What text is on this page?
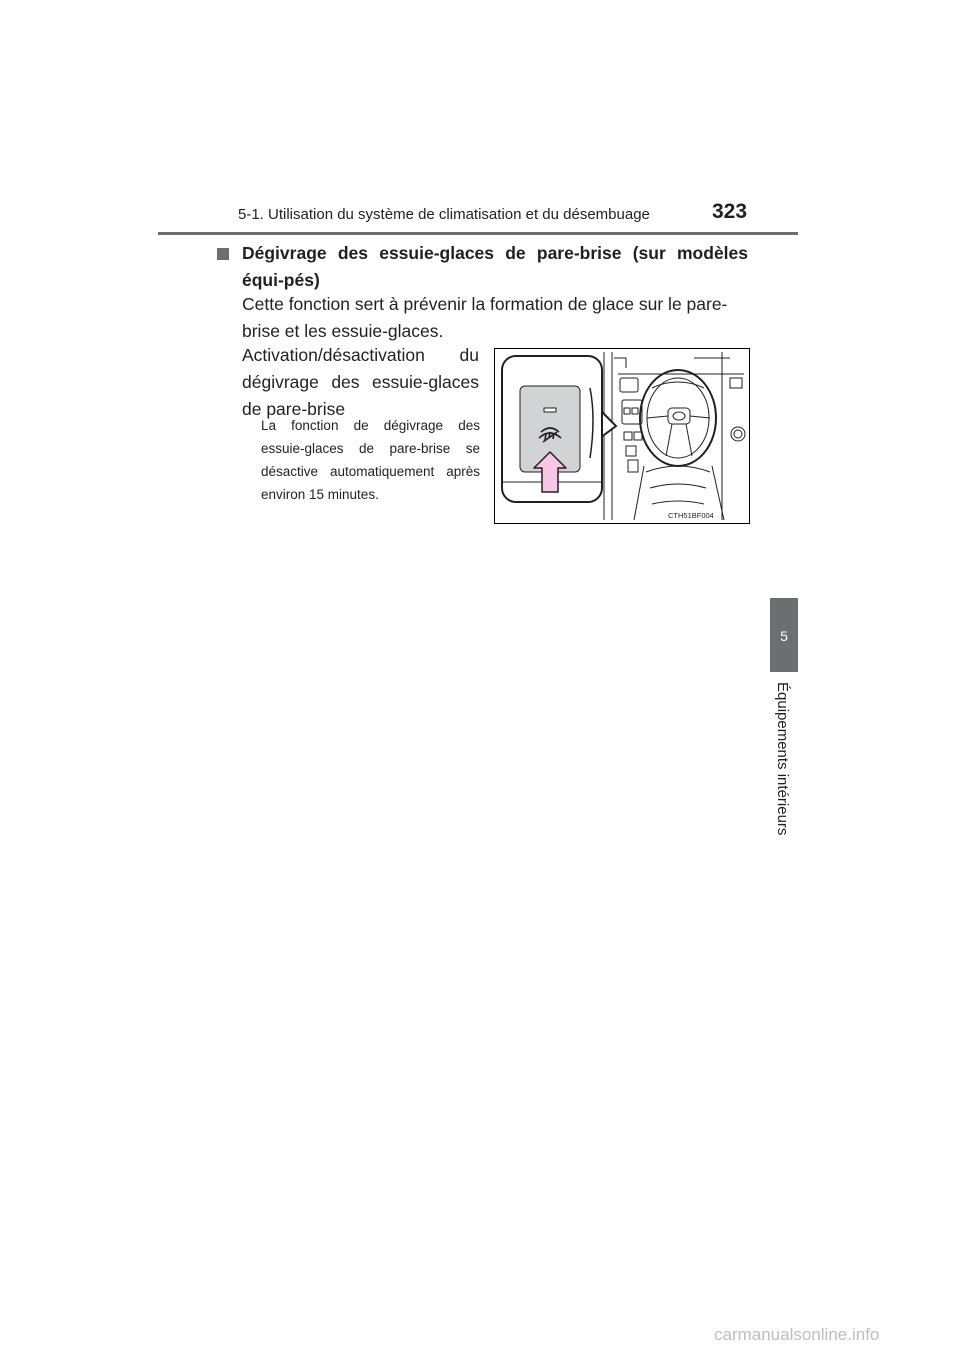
5-1. Utilisation du système de climatisation et du désembuage	323
5
Équipements intérieurs
Dégivrage des essuie-glaces de pare-brise (sur modèles équi-pés)
Cette fonction sert à prévenir la formation de glace sur le pare-brise et les essuie-glaces.
Activation/désactivation du dégivrage des essuie-glaces de pare-brise
La fonction de dégivrage des essuie-glaces de pare-brise se désactive automatiquement après environ 15 minutes.
CTH51BF004
carmanualsonline.info
